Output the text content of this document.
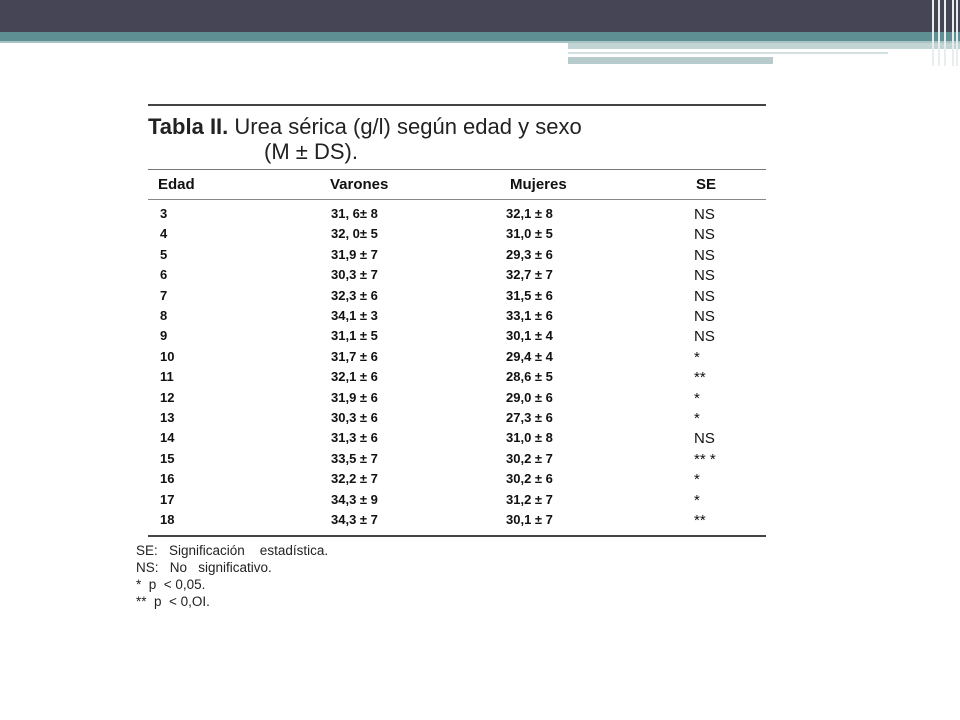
Tabla II. Urea sérica (g/l) según edad y sexo
(M ± DS).
Edad	Varones	Mujeres	SE
3	31, 6± 8	32,1 ± 8	NS
4	32, 0± 5	31,0 ± 5	NS
5	31,9 ± 7	29,3 ± 6	NS
6	30,3 ± 7	32,7 ± 7	NS
7	32,3 ± 6	31,5 ± 6	NS
8	34,1 ± 3	33,1 ± 6	NS
9	31,1 ± 5	30,1 ± 4	NS
10	31,7 ± 6	29,4 ± 4	*
11	32,1 ± 6	28,6 ± 5	**
12	31,9 ± 6	29,0 ± 6	*
13	30,3 ± 6	27,3 ± 6	*
14	31,3 ± 6	31,0 ± 8	NS
15	33,5 ± 7	30,2 ± 7	** *
16	32,2 ± 7	30,2 ± 6	*
17	34,3 ± 9	31,2 ± 7	*
18	34,3 ± 7	30,1 ± 7	**
SE:   Significación    estadística.
NS:   No   significativo.
*  p  < 0,05.
**  p  < 0,OI.
